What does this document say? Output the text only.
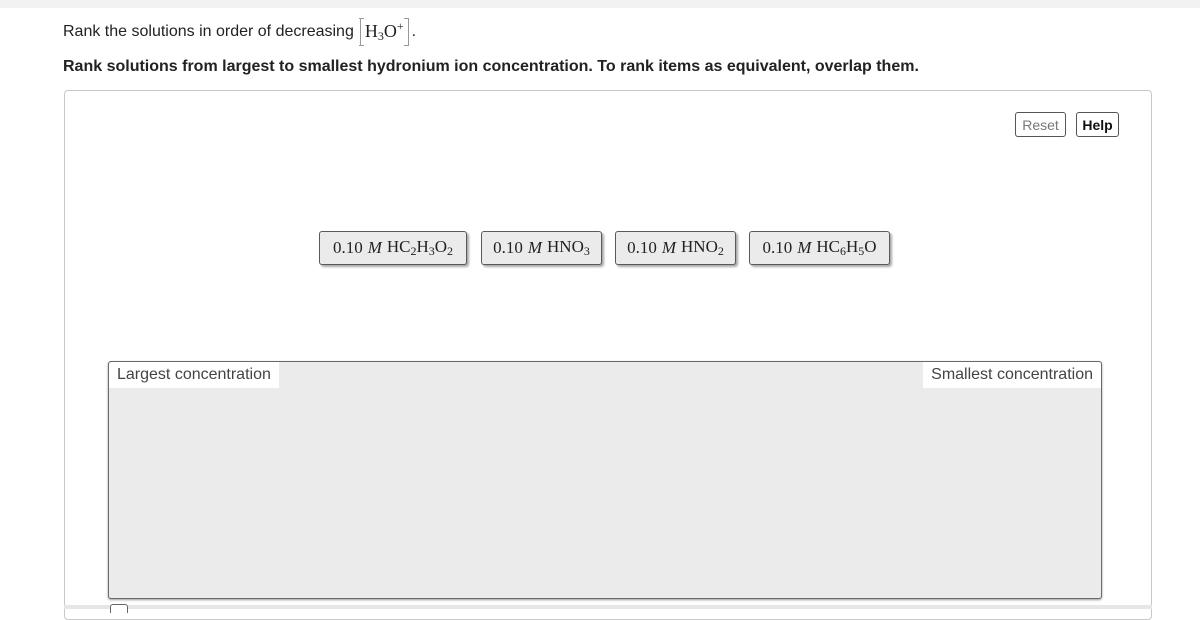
Rank the solutions in order of decreasing $H_3O^+$ .
Rank solutions from largest to smallest hydronium ion concentration. To rank items as equivalent, overlap them.
Reset	Help
0.10 M $HC_2H_3O_2$ 0.10 M $HNO_3$ 0.10 M $HNO_2$ 0.10 M $HC_6H_5O$
Largest concentration	Smallest concentration
